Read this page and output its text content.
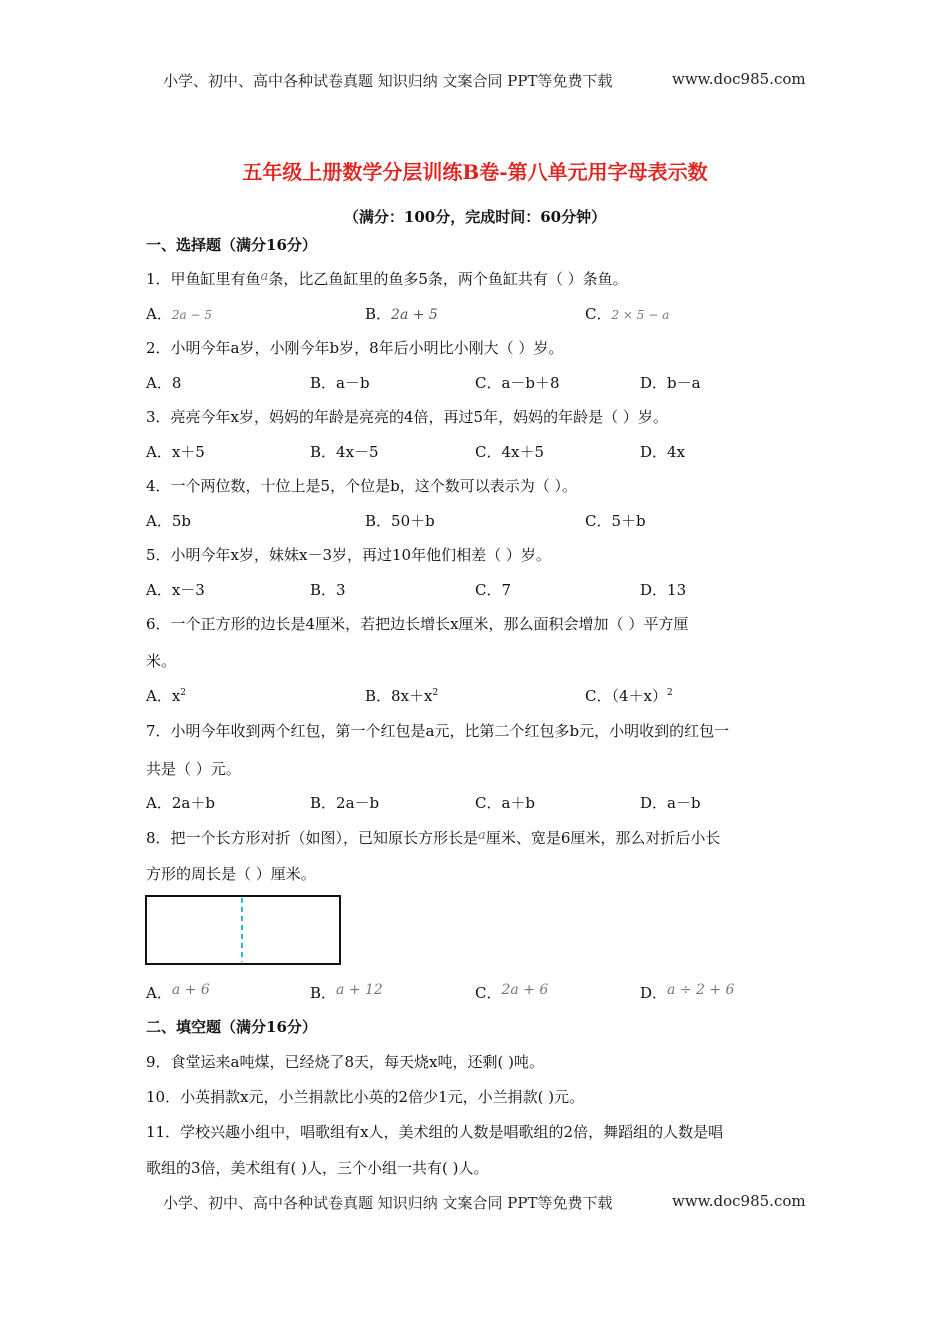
小学、初中、高中各种试卷真题 知识归纳 文案合同 PPT等免费下载	www.doc985.com
五年级上册数学分层训练B卷-第八单元用字母表示数
（满分：100分，完成时间：60分钟）
一、选择题（满分16分）
1．甲鱼缸里有鱼a条，比乙鱼缸里的鱼多5条，两个鱼缸共有（ ）条鱼。
A．2a − 5	B．2a + 5	C．2 × 5 − a
2．小明今年a岁，小刚今年b岁，8年后小明比小刚大（ ）岁。
A．8	B．a－b	C．a－b＋8	D．b－a
3．亮亮今年x岁，妈妈的年龄是亮亮的4倍，再过5年，妈妈的年龄是（ ）岁。
A．x＋5	B．4x－5	C．4x＋5	D．4x
4．一个两位数，十位上是5，个位是b，这个数可以表示为（ ）。
A．5b	B．50＋b	C．5＋b
5．小明今年x岁，妹妹x－3岁，再过10年他们相差（ ）岁。
A．x－3	B．3	C．7	D．13
6．一个正方形的边长是4厘米，若把边长增长x厘米，那么面积会增加（ ）平方厘
米。
A．$x^2$	B．$8x+x^2$	C．$(4+x)^2$
7．小明今年收到两个红包，第一个红包是a元，比第二个红包多b元，小明收到的红包一
共是（ ）元。
A．2a＋b	B．2a－b	C．a＋b	D．a－b
8．把一个长方形对折（如图），已知原长方形长是a厘米、宽是6厘米，那么对折后小长
方形的周长是（ ）厘米。
A．a + 6	B．a + 12	C．2a + 6	D．a ÷ 2 + 6
二、填空题（满分16分）
9．食堂运来a吨煤，已经烧了8天，每天烧x吨，还剩( )吨。
10．小英捐款x元，小兰捐款比小英的2倍少1元，小兰捐款( )元。
11．学校兴趣小组中，唱歌组有x人，美术组的人数是唱歌组的2倍，舞蹈组的人数是唱
歌组的3倍，美术组有( )人，三个小组一共有( )人。
小学、初中、高中各种试卷真题 知识归纳 文案合同 PPT等免费下载	www.doc985.com
